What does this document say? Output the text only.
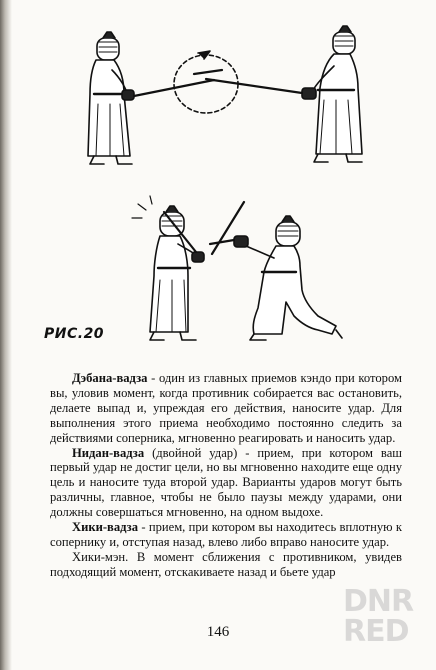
РИС.20

Дэбана-вадза - один из главных приемов кэндо при котором вы, уловив момент, когда противник собирается вас остановить, делаете выпад и, упреждая его действия, наносите удар. Для выполнения этого приема необходимо постоянно следить за действиями соперника, мгновенно реагировать и наносить удар.

Нидан-вадза (двойной удар) - прием, при котором ваш первый удар не достиг цели, но вы мгновенно находите еще одну цель и наносите туда второй удар. Варианты ударов могут быть различны, главное, чтобы не было паузы между ударами, они должны совершаться мгновенно, на одном выдохе.

Хики-вадза - прием, при котором вы находитесь вплотную к сопернику и, отступая назад, влево либо вправо наносите удар.

Хики-мэн. В момент сближения с противником, увидев подходящий момент, отскакиваете назад и бьете удар

146
DNR
RED
